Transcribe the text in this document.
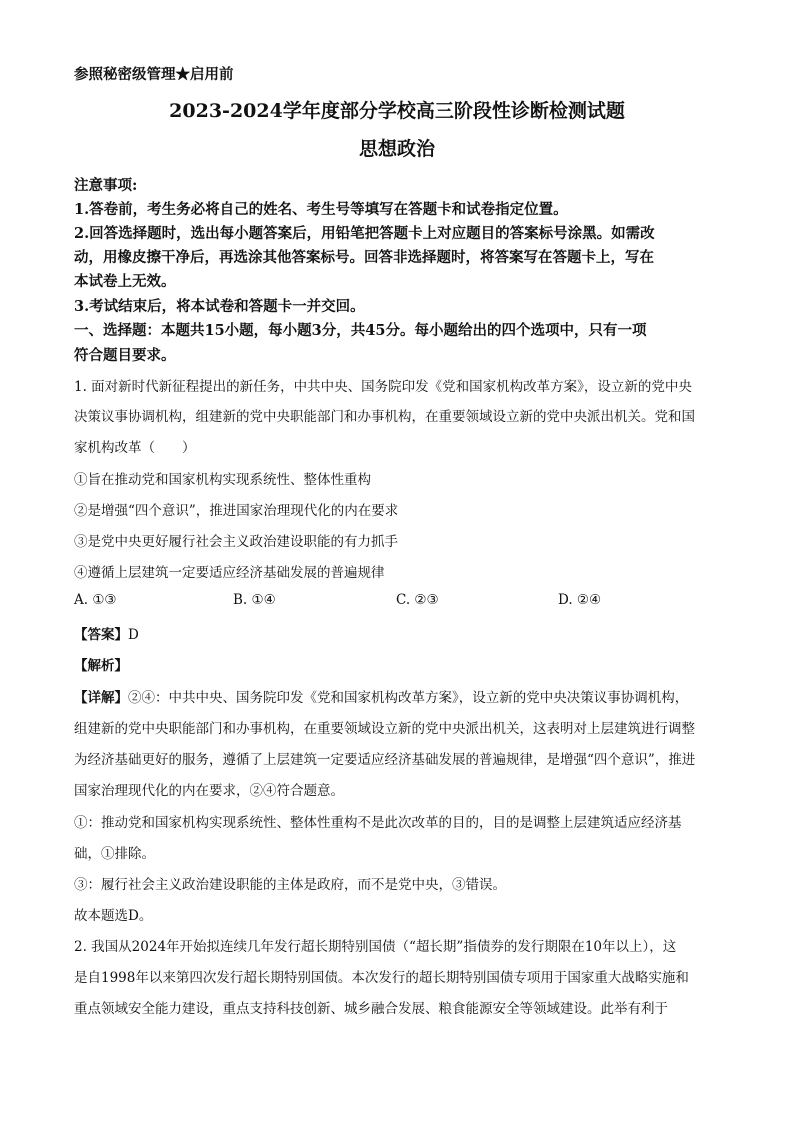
参照秘密级管理★启用前
2023-2024学年度部分学校高三阶段性诊断检测试题
思想政治
注意事项:
1.答卷前，考生务必将自己的姓名、考生号等填写在答题卡和试卷指定位置。
2.回答选择题时，选出每小题答案后，用铅笔把答题卡上对应题目的答案标号涂黑。如需改
动，用橡皮擦干净后，再选涂其他答案标号。回答非选择题时，将答案写在答题卡上，写在
本试卷上无效。
3.考试结束后，将本试卷和答题卡一并交回。
一、选择题：本题共15小题，每小题3分，共45分。每小题给出的四个选项中，只有一项
符合题目要求。
1. 面对新时代新征程提出的新任务，中共中央、国务院印发《党和国家机构改革方案》，设立新的党中央
决策议事协调机构，组建新的党中央职能部门和办事机构，在重要领域设立新的党中央派出机关。党和国
家机构改革（　　）
①旨在推动党和国家机构实现系统性、整体性重构
②是增强“四个意识”，推进国家治理现代化的内在要求
③是党中央更好履行社会主义政治建设职能的有力抓手
④遵循上层建筑一定要适应经济基础发展的普遍规律
A. ①③	B. ①④	C. ②③	D. ②④
【答案】D
【解析】
【详解】②④：中共中央、国务院印发《党和国家机构改革方案》，设立新的党中央决策议事协调机构，
组建新的党中央职能部门和办事机构，在重要领域设立新的党中央派出机关，这表明对上层建筑进行调整
为经济基础更好的服务，遵循了上层建筑一定要适应经济基础发展的普遍规律，是增强“四个意识”，推进
国家治理现代化的内在要求，②④符合题意。
①：推动党和国家机构实现系统性、整体性重构不是此次改革的目的，目的是调整上层建筑适应经济基
础，①排除。
③：履行社会主义政治建设职能的主体是政府，而不是党中央，③错误。
故本题选D。
2. 我国从2024年开始拟连续几年发行超长期特别国债（“超长期”指债券的发行期限在10年以上），这
是自1998年以来第四次发行超长期特别国债。本次发行的超长期特别国债专项用于国家重大战略实施和
重点领域安全能力建设，重点支持科技创新、城乡融合发展、粮食能源安全等领域建设。此举有利于
